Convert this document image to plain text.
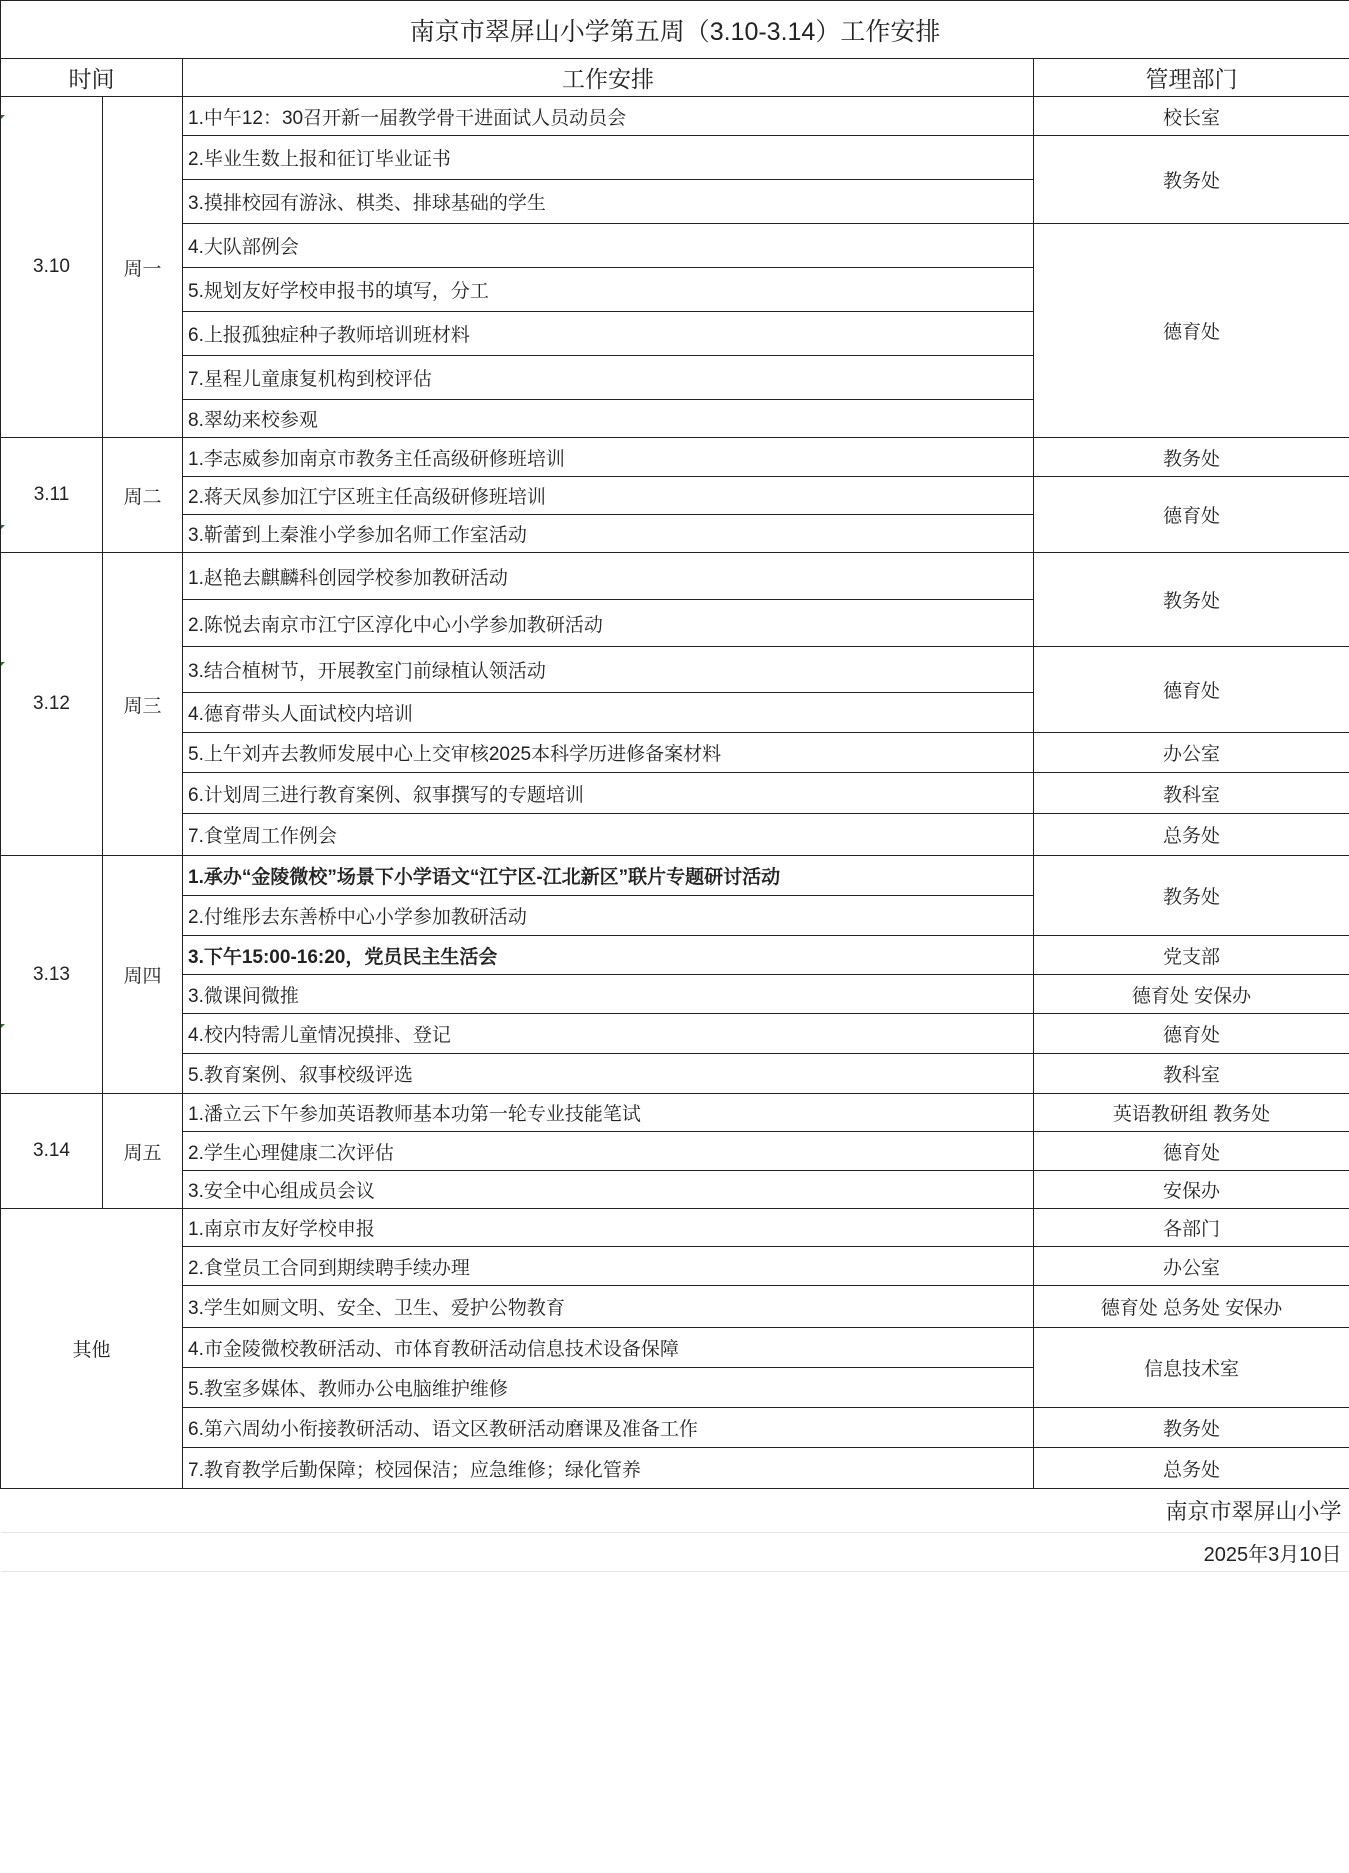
南京市翠屏山小学第五周（3.10-3.14）工作安排			
时间		工作安排	管理部门
3.10	周一	1.中午12：30召开新一届教学骨干进面试人员动员会	校长室
		2.毕业生数上报和征订毕业证书	教务处
		3.摸排校园有游泳、棋类、排球基础的学生	
		4.大队部例会	德育处
		5.规划友好学校申报书的填写，分工	
		6.上报孤独症种子教师培训班材料	
		7.星程儿童康复机构到校评估	
		8.翠幼来校参观	
3.11	周二	1.李志威参加南京市教务主任高级研修班培训	教务处
		2.蒋天凤参加江宁区班主任高级研修班培训	德育处
		3.靳蕾到上秦淮小学参加名师工作室活动	
3.12	周三	1.赵艳去麒麟科创园学校参加教研活动	教务处
		2.陈悦去南京市江宁区淳化中心小学参加教研活动	
		3.结合植树节，开展教室门前绿植认领活动	德育处
		4.德育带头人面试校内培训	
		5.上午刘卉去教师发展中心上交审核2025本科学历进修备案材料	办公室
		6.计划周三进行教育案例、叙事撰写的专题培训	教科室
		7.食堂周工作例会	总务处
3.13	周四	1.承办“金陵微校”场景下小学语文“江宁区-江北新区”联片专题研讨活动	教务处
		2.付维彤去东善桥中心小学参加教研活动	
		3.下午15:00-16:20，党员民主生活会	党支部
		3.微课间微推	德育处 安保办
		4.校内特需儿童情况摸排、登记	德育处
		5.教育案例、叙事校级评选	教科室
3.14	周五	1.潘立云下午参加英语教师基本功第一轮专业技能笔试	英语教研组 教务处
		2.学生心理健康二次评估	德育处
		3.安全中心组成员会议	安保办
其他		1.南京市友好学校申报	各部门
		2.食堂员工合同到期续聘手续办理	办公室
		3.学生如厕文明、安全、卫生、爱护公物教育	德育处 总务处 安保办
		4.市金陵微校教研活动、市体育教研活动信息技术设备保障	信息技术室
		5.教室多媒体、教师办公电脑维护维修	
		6.第六周幼小衔接教研活动、语文区教研活动磨课及准备工作	教务处
		7.教育教学后勤保障；校园保洁；应急维修；绿化管养	总务处
南京市翠屏山小学			
2025年3月10日			
